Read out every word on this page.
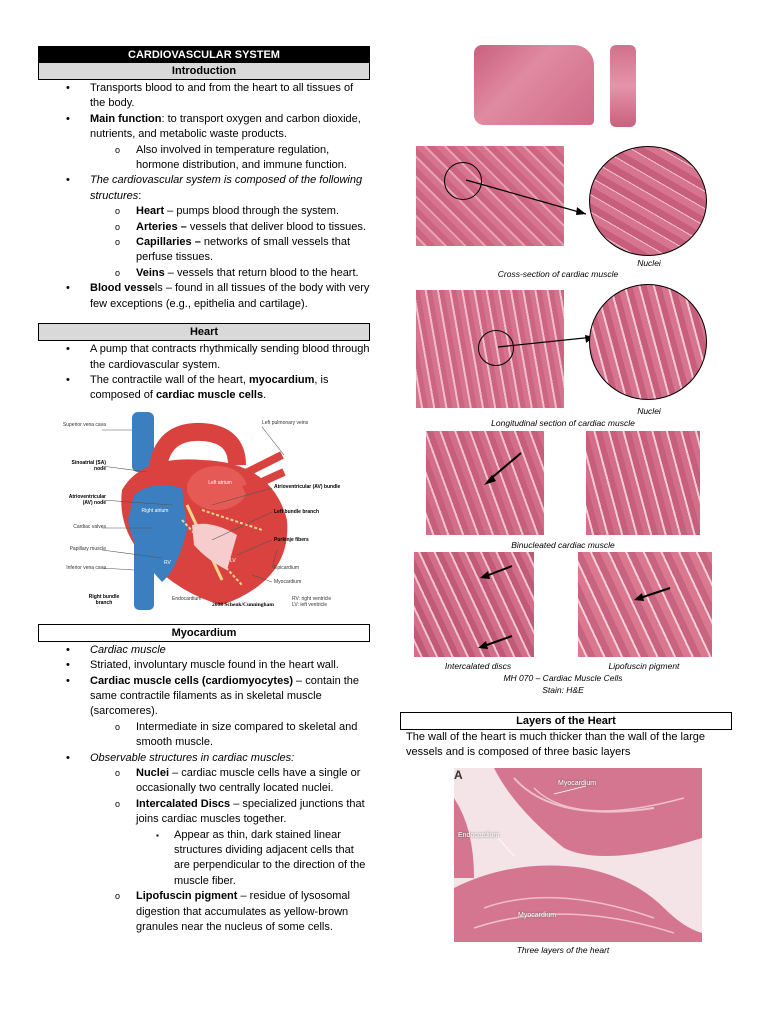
CARDIOVASCULAR SYSTEM
Introduction
• Transports blood to and from the heart to all tissues of the body.
• Main function: to transport oxygen and carbon dioxide, nutrients, and metabolic waste products.
o Also involved in temperature regulation, hormone distribution, and immune function.
• The cardiovascular system is composed of the following structures:
o Heart – pumps blood through the system.
o Arteries – vessels that deliver blood to tissues.
o Capillaries – networks of small vessels that perfuse tissues.
o Veins – vessels that return blood to the heart.
• Blood vessels – found in all tissues of the body with very few exceptions (e.g., epithelia and cartilage).
Heart
• A pump that contracts rhythmically sending blood through the cardiovascular system.
• The contractile wall of the heart, myocardium, is composed of cardiac muscle cells.
Superior vena cava
Sinoatrial (SA) node
Atrioventricular (AV) node
Cardiac valves
Papillary muscle
Inferior vena cava
Right bundle branch
Left pulmonary veins
Atrioventricular (AV) bundle
Left bundle branch
Purkinje fibers
Epicardium
Myocardium
RV: right ventricle
LV: left ventricle
Left atrium
Right atrium
LV
RV
Endocardium
2008 Schenk/Cunningham
Myocardium
• Cardiac muscle
• Striated, involuntary muscle found in the heart wall.
• Cardiac muscle cells (cardiomyocytes) – contain the same contractile filaments as in skeletal muscle (sarcomeres).
o Intermediate in size compared to skeletal and smooth muscle.
• Observable structures in cardiac muscles:
o Nuclei – cardiac muscle cells have a single or occasionally two centrally located nuclei.
o Intercalated Discs – specialized junctions that joins cardiac muscles together.
▪ Appear as thin, dark stained linear structures dividing adjacent cells that are perpendicular to the direction of the muscle fiber.
o Lipofuscin pigment – residue of lysosomal digestion that accumulates as yellow-brown granules near the nucleus of some cells.
Nuclei
Cross-section of cardiac muscle
Nuclei
Longitudinal section of cardiac muscle
Binucleated cardiac muscle
Intercalated discs	Lipofuscin pigment
MH 070 – Cardiac Muscle Cells
Stain: H&E
Layers of the Heart
The wall of the heart is much thicker than the wall of the large vessels and is composed of three basic layers
A
Endocardium
Myocardium
Myocardium
Three layers of the heart
